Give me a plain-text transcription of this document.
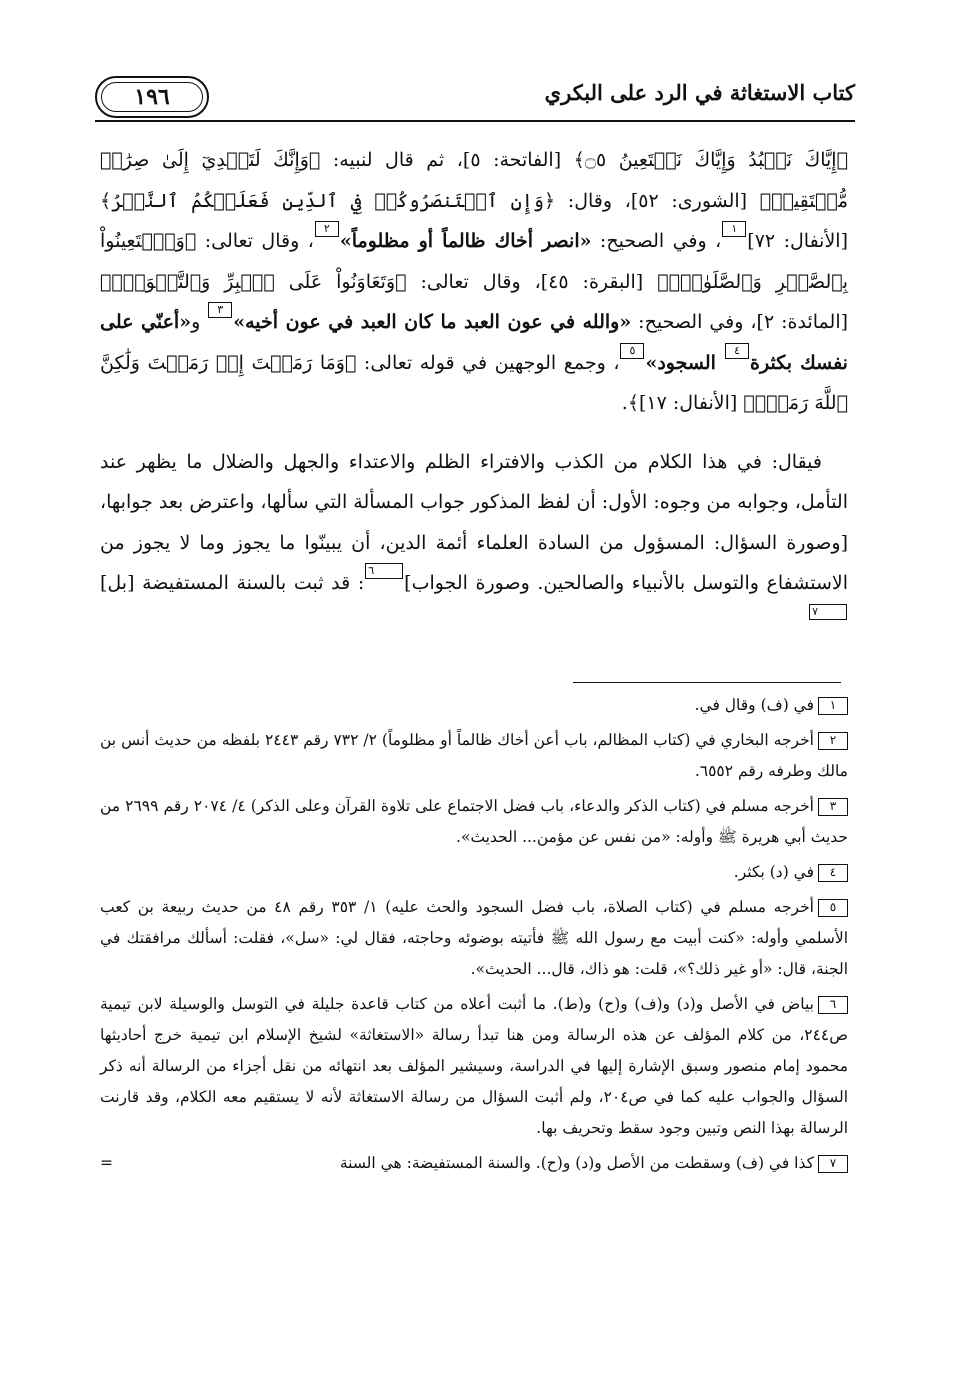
كتاب الاستغاثة في الرد على البكري
١٩٦

﴿إِيَّاكَ نَعۡبُدُ وَإِيَّاكَ نَسۡتَعِينُ ۝٥﴾ [الفاتحة: ٥]، ثم قال لنبيه: ﴿وَإِنَّكَ لَتَهۡدِيٓ إِلَىٰ صِرَٰطٖ مُّسۡتَقِيمٖ﴾ [الشورى: ٥٢]، وقال: ﴿وَإِنِ ٱسۡتَنصَرُوكُمۡ فِي ٱلدِّينِ فَعَلَيۡكُمُ ٱلنَّصۡرُ﴾ [الأنفال: ٧٢]١، وفي الصحيح: «انصر أخاك ظالماً أو مظلوماً»٢، وقال تعالى: ﴿وَٱسۡتَعِينُواْ بِٱلصَّبۡرِ وَٱلصَّلَوٰةِۚ﴾ [البقرة: ٤٥]، وقال تعالى: ﴿وَتَعَاوَنُواْ عَلَى ٱلۡبِرِّ وَٱلتَّقۡوَىٰۖ﴾ [المائدة: ٢]، وفي الصحيح: «والله في عون العبد ما كان العبد في عون أخيه»٣ و«أعنّي على نفسك بكثرة٤ السجود»٥، وجمع الوجهين في قوله تعالى: ﴿وَمَا رَمَيۡتَ إِذۡ رَمَيۡتَ وَلَٰكِنَّ ٱللَّهَ رَمَىٰۚ﴾ [الأنفال: ١٧]﴾.

فيقال: في هذا الكلام من الكذب والافتراء الظلم والاعتداء والجهل والضلال ما يظهر عند التأمل، وجوابه من وجوه: الأول: أن لفظ المذكور جواب المسألة التي سألها، واعترض بعد جوابها، [وصورة السؤال: المسؤول من السادة العلماء أئمة الدين، أن يبينّوا ما يجوز وما لا يجوز من الاستشفاع والتوسل بالأنبياء والصالحين. وصورة الجواب]٦: قد ثبت بالسنة المستفيضة [بل]٧

١في (ف) وقال في.
٢أخرجه البخاري في (كتاب المظالم، باب أعن أخاك ظالماً أو مظلوماً) ٢/ ٧٣٢ رقم ٢٤٤٣ بلفظه من حديث أنس بن مالك وطرفه رقم ٦٥٥٢.
٣أخرجه مسلم في (كتاب الذكر والدعاء، باب فضل الاجتماع على تلاوة القرآن وعلى الذكر) ٤/ ٢٠٧٤ رقم ٢٦٩٩ من حديث أبي هريرة ﷺ وأوله: «من نفس عن مؤمن... الحديث».
٤في (د) بكثر.
٥أخرجه مسلم في (كتاب الصلاة، باب فضل السجود والحث عليه) ١/ ٣٥٣ رقم ٤٨ من حديث ربيعة بن كعب الأسلمي وأوله: «كنت أبيت مع رسول الله ﷺ فأتيته بوضوئه وحاجته، فقال لي: «سل»، فقلت: أسألك مرافقتك في الجنة، قال: «أو غير ذلك؟»، قلت: هو ذاك، قال... الحديث».
٦بياض في الأصل و(د) و(ف) و(ح) و(ط). ما أثبت أعلاه من كتاب قاعدة جليلة في التوسل والوسيلة لابن تيمية ص٢٤٤، من كلام المؤلف عن هذه الرسالة ومن هنا تبدأ رسالة «الاستغاثة» لشيخ الإسلام ابن تيمية خرج أحاديثها محمود إمام منصور وسبق الإشارة إليها في الدراسة، وسيشير المؤلف بعد انتهائه من نقل أجزاء من الرسالة أنه ذكر السؤال والجواب عليه كما في ص٢٠٤، ولم أثبت السؤال من رسالة الاستغاثة لأنه لا يستقيم معه الكلام، وقد قارنت الرسالة بهذا النص وتبين وجود سقط وتحريف بها.
٧كذا في (ف) وسقطت من الأصل و(د) و(ح). والسنة المستفيضة: هي السنة
=
